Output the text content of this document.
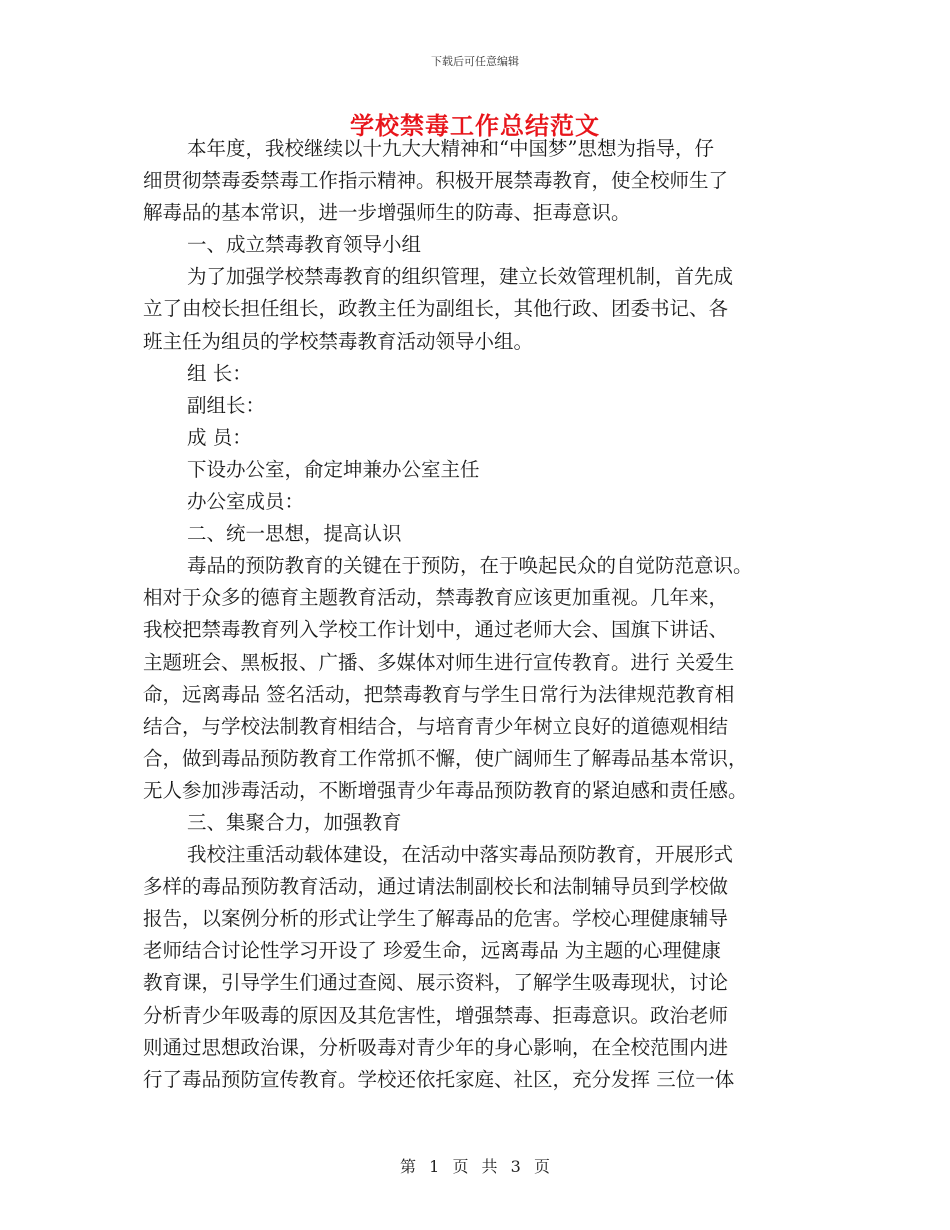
下载后可任意编辑
学校禁毒工作总结范文
本年度，我校继续以十九大大精神和“中国梦”思想为指导，仔
细贯彻禁毒委禁毒工作指示精神。积极开展禁毒教育，使全校师生了
解毒品的基本常识，进一步增强师生的防毒、拒毒意识。
一、成立禁毒教育领导小组
为了加强学校禁毒教育的组织管理，建立长效管理机制，首先成
立了由校长担任组长，政教主任为副组长，其他行政、团委书记、各
班主任为组员的学校禁毒教育活动领导小组。
组 长：
副组长：
成 员：
下设办公室，俞定坤兼办公室主任
办公室成员：
二、统一思想，提高认识
毒品的预防教育的关键在于预防，在于唤起民众的自觉防范意识。
相对于众多的德育主题教育活动，禁毒教育应该更加重视。几年来，
我校把禁毒教育列入学校工作计划中，通过老师大会、国旗下讲话、
主题班会、黑板报、广播、多媒体对师生进行宣传教育。进行 关爱生
命，远离毒品 签名活动，把禁毒教育与学生日常行为法律规范教育相
结合，与学校法制教育相结合，与培育青少年树立良好的道德观相结
合，做到毒品预防教育工作常抓不懈，使广阔师生了解毒品基本常识，
无人参加涉毒活动，不断增强青少年毒品预防教育的紧迫感和责任感。
三、集聚合力，加强教育
我校注重活动载体建设，在活动中落实毒品预防教育，开展形式
多样的毒品预防教育活动，通过请法制副校长和法制辅导员到学校做
报告，以案例分析的形式让学生了解毒品的危害。学校心理健康辅导
老师结合讨论性学习开设了 珍爱生命，远离毒品 为主题的心理健康
教育课，引导学生们通过查阅、展示资料，了解学生吸毒现状，讨论
分析青少年吸毒的原因及其危害性，增强禁毒、拒毒意识。政治老师
则通过思想政治课，分析吸毒对青少年的身心影响，在全校范围内进
行了毒品预防宣传教育。学校还依托家庭、社区，充分发挥 三位一体
第 1 页 共 3 页
